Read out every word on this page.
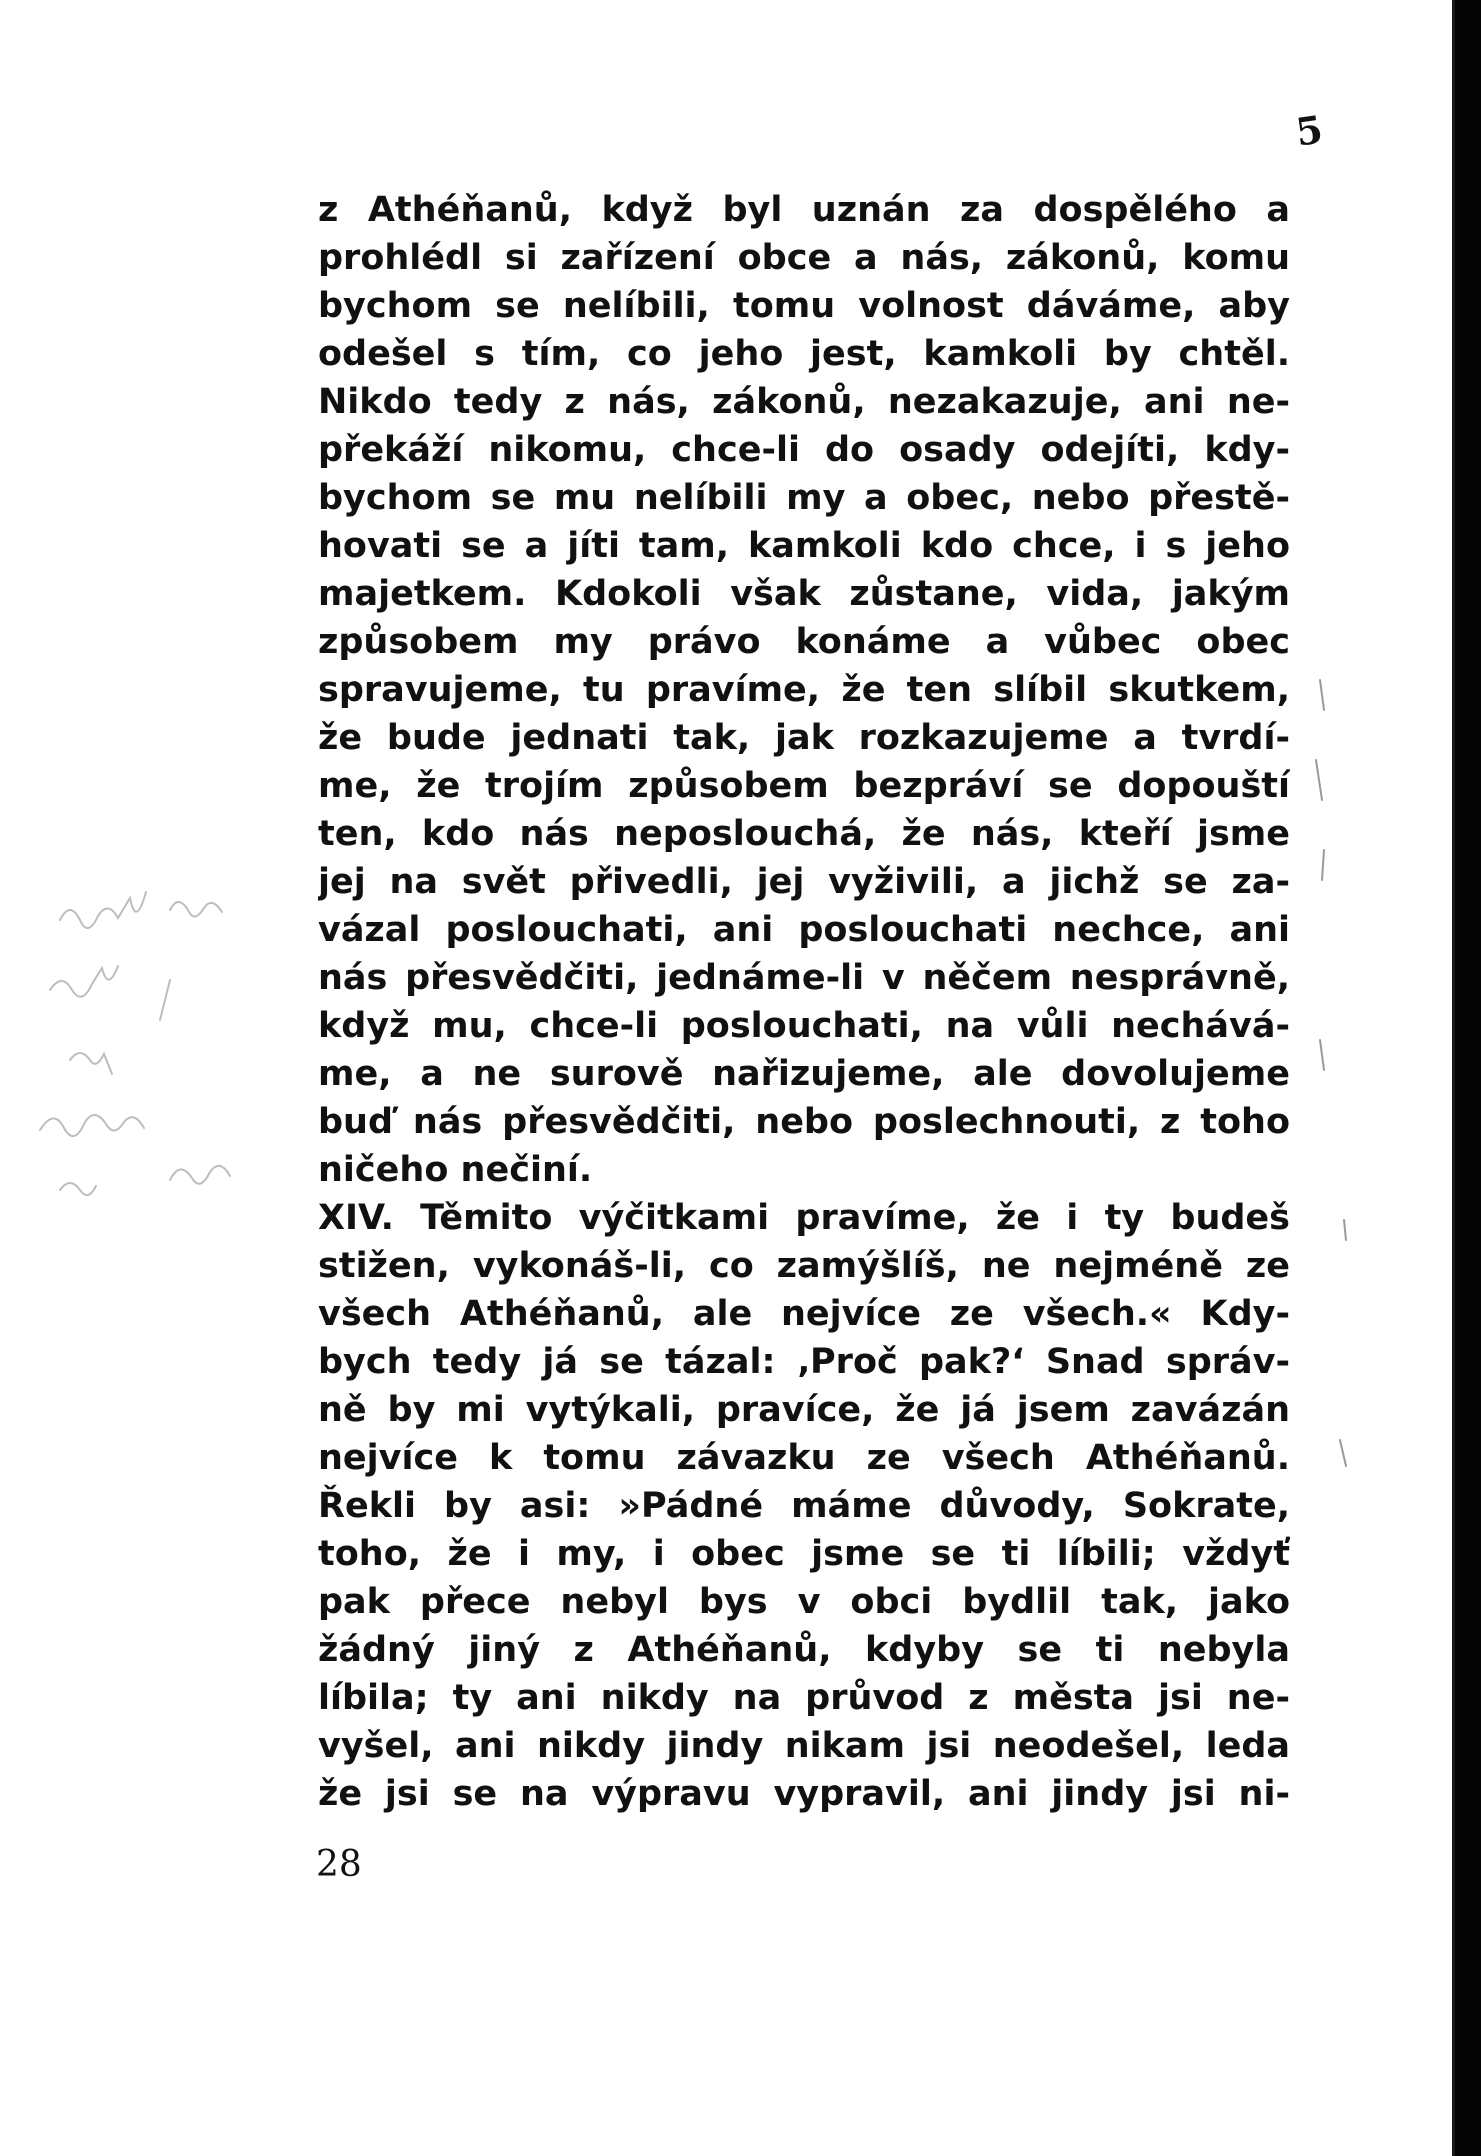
5
z Athéňanů, když byl uznán za dospělého a
prohlédl si zařízení obce a nás, zákonů, komu
bychom se nelíbili, tomu volnost dáváme, aby
odešel s tím, co jeho jest, kamkoli by chtěl.
Nikdo tedy z nás, zákonů, nezakazuje, ani ne-
překáží nikomu, chce-li do osady odejíti, kdy-
bychom se mu nelíbili my a obec, nebo přestě-
hovati se a jíti tam, kamkoli kdo chce, i s jeho
majetkem. Kdokoli však zůstane, vida, jakým
způsobem my právo konáme a vůbec obec
spravujeme, tu pravíme, že ten slíbil skutkem,
že bude jednati tak, jak rozkazujeme a tvrdí-
me, že trojím způsobem bezpráví se dopouští
ten, kdo nás neposlouchá, že nás, kteří jsme
jej na svět přivedli, jej vyživili, a jichž se za-
vázal poslouchati, ani poslouchati nechce, ani
nás přesvědčiti, jednáme-li v něčem nesprávně,
když mu, chce-li poslouchati, na vůli nechává-
me, a ne surově nařizujeme, ale dovolujeme
buď nás přesvědčiti, nebo poslechnouti, z toho
ničeho nečiní.
XIV. Těmito výčitkami pravíme, že i ty budeš
stižen, vykonáš-li, co zamýšlíš, ne nejméně ze
všech Athéňanů, ale nejvíce ze všech.« Kdy-
bych tedy já se tázal: ‚Proč pak?‘ Snad správ-
ně by mi vytýkali, pravíce, že já jsem zavázán
nejvíce k tomu závazku ze všech Athéňanů.
Řekli by asi: »Pádné máme důvody, Sokrate,
toho, že i my, i obec jsme se ti líbili; vždyť
pak přece nebyl bys v obci bydlil tak, jako
žádný jiný z Athéňanů, kdyby se ti nebyla
líbila; ty ani nikdy na průvod z města jsi ne-
vyšel, ani nikdy jindy nikam jsi neodešel, leda
že jsi se na výpravu vypravil, ani jindy jsi ni-
28
